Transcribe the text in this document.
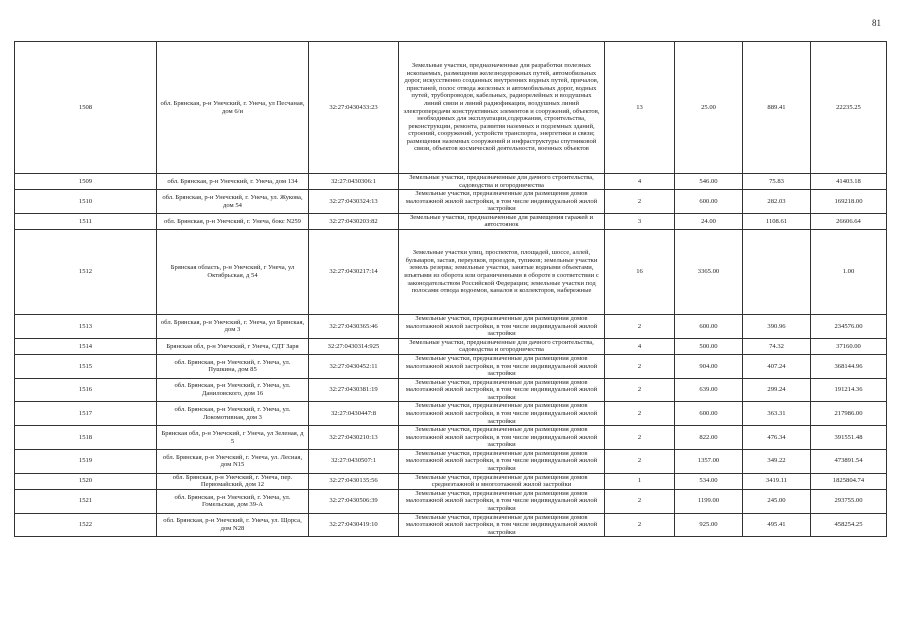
81
1508	обл. Брянская, р-н Унечский, г. Унеча, ул Песчаная, дом 6/и	32:27:0430433:23	Земельные участки, предназначенные для разработки полезных ископаемых, размещения железнодорожных путей, автомобильных дорог, искусственно созданных внутренних водных путей, причалов, пристаней, полос отвода железных и автомобильных дорог, водных путей, трубопроводов, кабельных, радиорелейных и воздушных линий связи и линий радиофикации, воздушных линий электропередачи конструктивных элементов и сооружений, объектов, необходимых для эксплуатации,содержания, строительства, реконструкции, ремонта, развития наземных и подземных зданий, строений, сооружений, устройств транспорта, энергетики и связи; размещения наземных сооружений и инфраструктуры спутниковой связи, объектов космической деятельности, военных объектов	13	25.00	889.41	22235.25
1509	обл. Брянская, р-н Унечский, г. Унеча, дом 134	32:27:0430306:1	Земельные участки, предназначенные для дачного строительства, садоводства и огородничества	4	546.00	75.83	41403.18
1510	обл. Брянская, р-н Унечский, г. Унеча, ул. Жукова, дом 54	32:27:0430324:13	Земельные участки, предназначенные для размещения домов малоэтажной жилой застройки, в том числе индивидуальной жилой застройки	2	600.00	282.03	169218.00
1511	обл. Брянская, р-н Унечский, г. Унеча, бокс N259	32:27:0430203:82	Земельные участки, предназначенные для размещения гаражей и автостоянок	3	24.00	1108.61	26606.64
1512	Брянская область, р-н Унечский, г Унеча, ул Октябрьская, д 54	32:27:0430217:14	Земельные участки улиц, проспектов, площадей, шоссе, аллей, бульваров, застав, переулков, проездов, тупиков; земельные участки земель резерва; земельные участки, занятые водными объектами, изъятыми из оборота или ограниченными в обороте в соответствии с законодательством Российской Федерации; земельные участки под полосами отвода водоемов, каналов и коллекторов, набережные	16	3365.00		1.00
1513	обл. Брянская, р-н Унечский, г. Унеча, ул Брянская, дом 3	32:27:0430365:46	Земельные участки, предназначенные для размещения домов малоэтажной жилой застройки, в том числе индивидуальной жилой застройки	2	600.00	390.96	234576.00
1514	Брянская обл, р-н Унечский, г Унеча, СДТ Заря	32:27:0430314:925	Земельные участки, предназначенные для дачного строительства, садоводства и огородничества	4	500.00	74.32	37160.00
1515	обл. Брянская, р-н Унечский, г. Унеча, ул. Пушкина, дом 85	32:27:0430452:11	Земельные участки, предназначенные для размещения домов малоэтажной жилой застройки, в том числе индивидуальной жилой застройки	2	904.00	407.24	368144.96
1516	обл. Брянская, р-н Унечский, г. Унеча, ул. Даниловского, дом 16	32:27:0430381:19	Земельные участки, предназначенные для размещения домов малоэтажной жилой застройки, в том числе индивидуальной жилой застройки	2	639.00	299.24	191214.36
1517	обл. Брянская, р-н Унечский, г. Унеча, ул. Локомотивная, дом 3	32:27:0430447:8	Земельные участки, предназначенные для размещения домов малоэтажной жилой застройки, в том числе индивидуальной жилой застройки	2	600.00	363.31	217986.00
1518	Брянская обл, р-н Унечский, г Унеча, ул Зеленая, д 5	32:27:0430210:13	Земельные участки, предназначенные для размещения домов малоэтажной жилой застройки, в том числе индивидуальной жилой застройки	2	822.00	476.34	391551.48
1519	обл. Брянская, р-н Унечский, г. Унеча, ул. Лесная, дом N15	32:27:0430507:1	Земельные участки, предназначенные для размещения домов малоэтажной жилой застройки, в том числе индивидуальной жилой застройки	2	1357.00	349.22	473891.54
1520	обл. Брянская, р-н Унечский, г. Унеча, пер. Первомайский, дом 12	32:27:0430135:56	Земельные участки, предназначенные для размещения домов среднеэтажной и многоэтажной жилой застройки	1	534.00	3419.11	1825804.74
1521	обл. Брянская, р-н Унечский, г. Унеча, ул. Гомельская, дом 39-А	32:27:0430506:39	Земельные участки, предназначенные для размещения домов малоэтажной жилой застройки, в том числе индивидуальной жилой застройки	2	1199.00	245.00	293755.00
1522	обл. Брянская, р-н Унечский, г. Унеча, ул. Щорса, дом N28	32:27:0430419:10	Земельные участки, предназначенные для размещения домов малоэтажной жилой застройки, в том числе индивидуальной жилой застройки	2	925.00	495.41	458254.25
